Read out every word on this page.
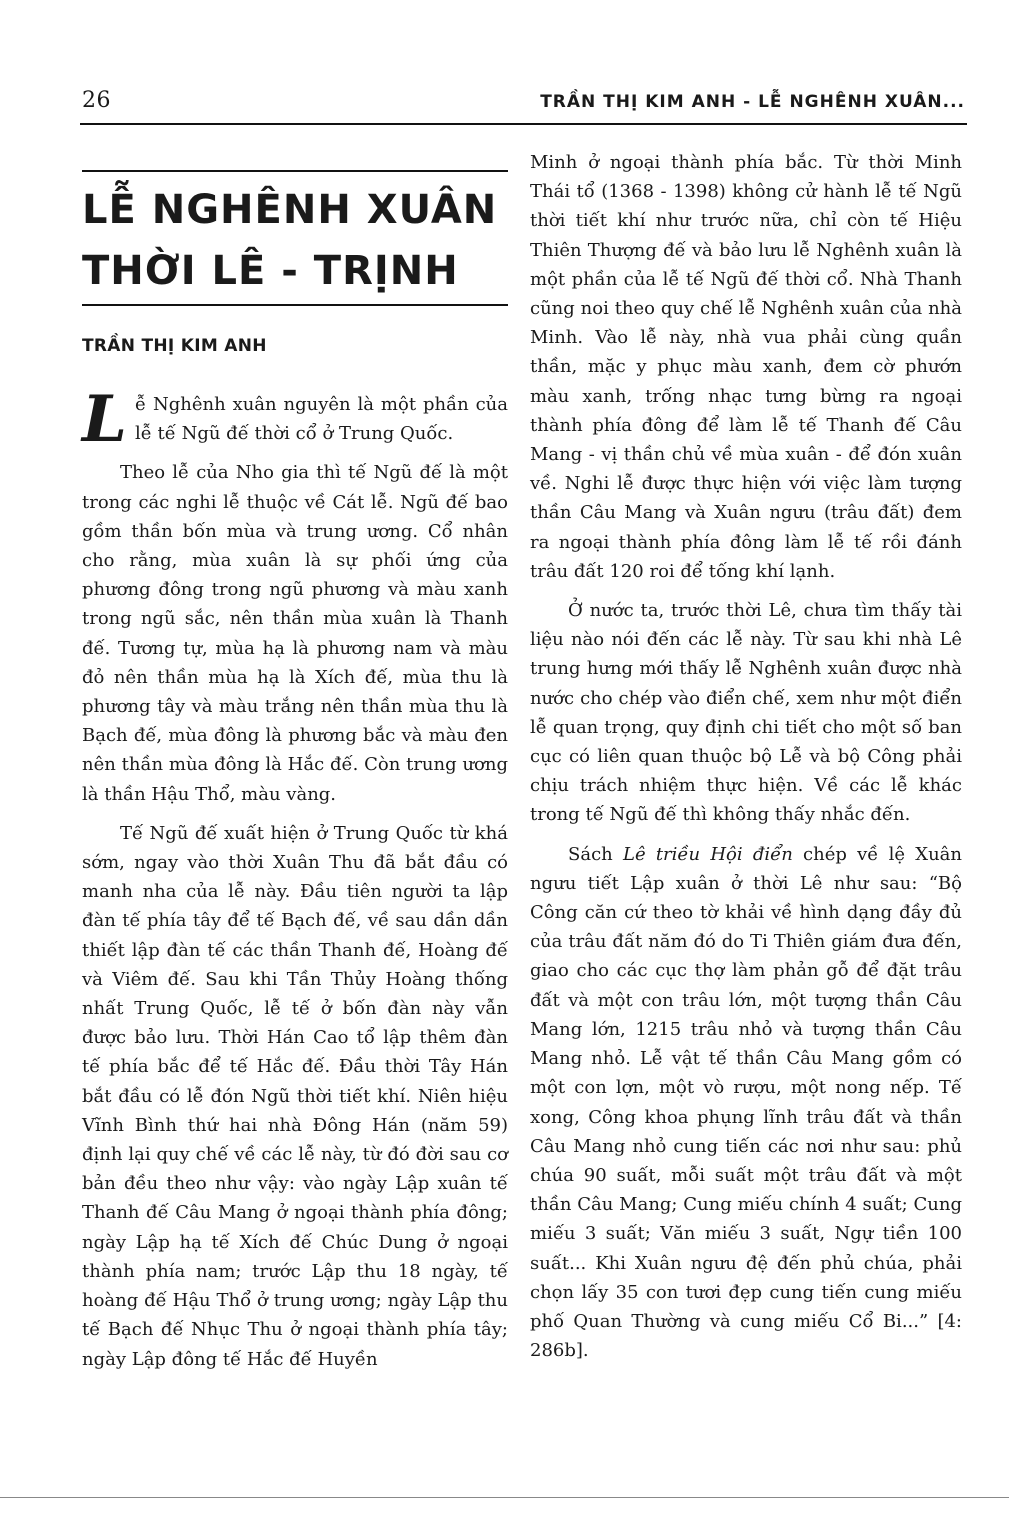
26	TRẦN THỊ KIM ANH - LỄ NGHÊNH XUÂN...
LỄ NGHÊNH XUÂN
THỜI LÊ - TRỊNH
TRẦN THỊ KIM ANH

Lễ Nghênh xuân nguyên là một phần của lễ tế Ngũ đế thời cổ ở Trung Quốc.

Theo lễ của Nho gia thì tế Ngũ đế là một trong các nghi lễ thuộc về Cát lễ. Ngũ đế bao gồm thần bốn mùa và trung ương. Cổ nhân cho rằng, mùa xuân là sự phối ứng của phương đông trong ngũ phương và màu xanh trong ngũ sắc, nên thần mùa xuân là Thanh đế. Tương tự, mùa hạ là phương nam và màu đỏ nên thần mùa hạ là Xích đế, mùa thu là phương tây và màu trắng nên thần mùa thu là Bạch đế, mùa đông là phương bắc và màu đen nên thần mùa đông là Hắc đế. Còn trung ương là thần Hậu Thổ, màu vàng.

Tế Ngũ đế xuất hiện ở Trung Quốc từ khá sớm, ngay vào thời Xuân Thu đã bắt đầu có manh nha của lễ này. Đầu tiên người ta lập đàn tế phía tây để tế Bạch đế, về sau dần dần thiết lập đàn tế các thần Thanh đế, Hoàng đế và Viêm đế. Sau khi Tần Thủy Hoàng thống nhất Trung Quốc, lễ tế ở bốn đàn này vẫn được bảo lưu. Thời Hán Cao tổ lập thêm đàn tế phía bắc để tế Hắc đế. Đầu thời Tây Hán bắt đầu có lễ đón Ngũ thời tiết khí. Niên hiệu Vĩnh Bình thứ hai nhà Đông Hán (năm 59) định lại quy chế về các lễ này, từ đó đời sau cơ bản đều theo như vậy: vào ngày Lập xuân tế Thanh đế Câu Mang ở ngoại thành phía đông; ngày Lập hạ tế Xích đế Chúc Dung ở ngoại thành phía nam; trước Lập thu 18 ngày, tế hoàng đế Hậu Thổ ở trung ương; ngày Lập thu tế Bạch đế Nhục Thu ở ngoại thành phía tây; ngày Lập đông tế Hắc đế Huyền

Minh ở ngoại thành phía bắc. Từ thời Minh Thái tổ (1368 - 1398) không cử hành lễ tế Ngũ thời tiết khí như trước nữa, chỉ còn tế Hiệu Thiên Thượng đế và bảo lưu lễ Nghênh xuân là một phần của lễ tế Ngũ đế thời cổ. Nhà Thanh cũng noi theo quy chế lễ Nghênh xuân của nhà Minh. Vào lễ này, nhà vua phải cùng quần thần, mặc y phục màu xanh, đem cờ phướn màu xanh, trống nhạc tưng bừng ra ngoại thành phía đông để làm lễ tế Thanh đế Câu Mang - vị thần chủ về mùa xuân - để đón xuân về. Nghi lễ được thực hiện với việc làm tượng thần Câu Mang và Xuân ngưu (trâu đất) đem ra ngoại thành phía đông làm lễ tế rồi đánh trâu đất 120 roi để tống khí lạnh.

Ở nước ta, trước thời Lê, chưa tìm thấy tài liệu nào nói đến các lễ này. Từ sau khi nhà Lê trung hưng mới thấy lễ Nghênh xuân được nhà nước cho chép vào điển chế, xem như một điển lễ quan trọng, quy định chi tiết cho một số ban cục có liên quan thuộc bộ Lễ và bộ Công phải chịu trách nhiệm thực hiện. Về các lễ khác trong tế Ngũ đế thì không thấy nhắc đến.

Sách Lê triều Hội điển chép về lệ Xuân ngưu tiết Lập xuân ở thời Lê như sau: “Bộ Công căn cứ theo tờ khải về hình dạng đầy đủ của trâu đất năm đó do Ti Thiên giám đưa đến, giao cho các cục thợ làm phản gỗ để đặt trâu đất và một con trâu lớn, một tượng thần Câu Mang lớn, 1215 trâu nhỏ và tượng thần Câu Mang nhỏ. Lễ vật tế thần Câu Mang gồm có một con lợn, một vò rượu, một nong nếp. Tế xong, Công khoa phụng lĩnh trâu đất và thần Câu Mang nhỏ cung tiến các nơi như sau: phủ chúa 90 suất, mỗi suất một trâu đất và một thần Câu Mang; Cung miếu chính 4 suất; Cung miếu 3 suất; Văn miếu 3 suất, Ngự tiền 100 suất... Khi Xuân ngưu đệ đến phủ chúa, phải chọn lấy 35 con tươi đẹp cung tiến cung miếu phố Quan Thường và cung miếu Cổ Bi...” [4: 286b].
